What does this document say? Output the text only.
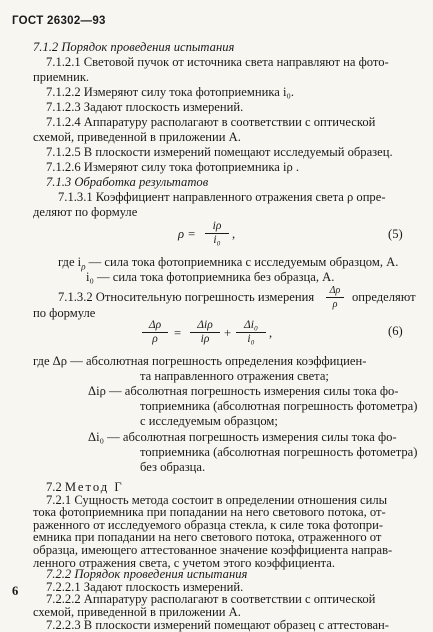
ГОСТ 26302—93
7.1.2 Порядок проведения испытания
7.1.2.1 Световой пучок от источника света направляют на фото-
приемник.
7.1.2.2 Измеряют силу тока фотоприемника i₀.
7.1.2.3 Задают плоскость измерений.
7.1.2.4 Аппаратуру располагают в соответствии с оптической
схемой, приведенной в приложении А.
7.1.2.5 В плоскости измерений помещают исследуемый образец.
7.1.2.6 Измеряют силу тока фотоприемника iρ .
7.1.3 Обработка результатов
7.1.3.1 Коэффициент направленного отражения света ρ опре-
деляют по формуле
$\rho = \frac{i\rho}{\text{i₀}}$ ,	(5)
где $i_\rho$ — сила тока фотоприемника с исследуемым образцом, А.
i₀ — сила тока фотоприемника без образца, А.
7.1.3.2 Относительную погрешность измерения $\frac{\Delta\rho}{\rho}$ определяют
по формуле
$\frac{\Delta\rho}{\rho}$ =
Δiρ
iρ	+ $\frac{\text{Δi₀}}{\text{i₀}}$ ,	(6)
где Δρ — абсолютная погрешность определения коэффициен-
та направленного отражения света;
Δiρ — абсолютная погрешность измерения силы тока фо-
топриемника (абсолютная погрешность фотометра)
с исследуемым образцом;
Δi₀ — абсолютная погрешность измерения силы тока фо-
топриемника (абсолютная погрешность фотометра)
без образца.
7.2 Метод Г
7.2.1 Сущность метода состоит в определении отношения силы
тока фотоприемника при попадании на него светового потока, от-
раженного от исследуемого образца стекла, к силе тока фотопри-
емника при попадании на него светового потока, отраженного от
образца, имеющего аттестованное значение коэффициента направ-
ленного отражения света, с учетом этого коэффициента.
6
7.2.2 Порядок проведения испытания
7.2.2.1 Задают плоскость измерений.
7.2.2.2 Аппаратуру располагают в соответствии с оптической
схемой, приведенной в приложении А.
7.2.2.3 В плоскости измерений помещают образец с аттестован-
